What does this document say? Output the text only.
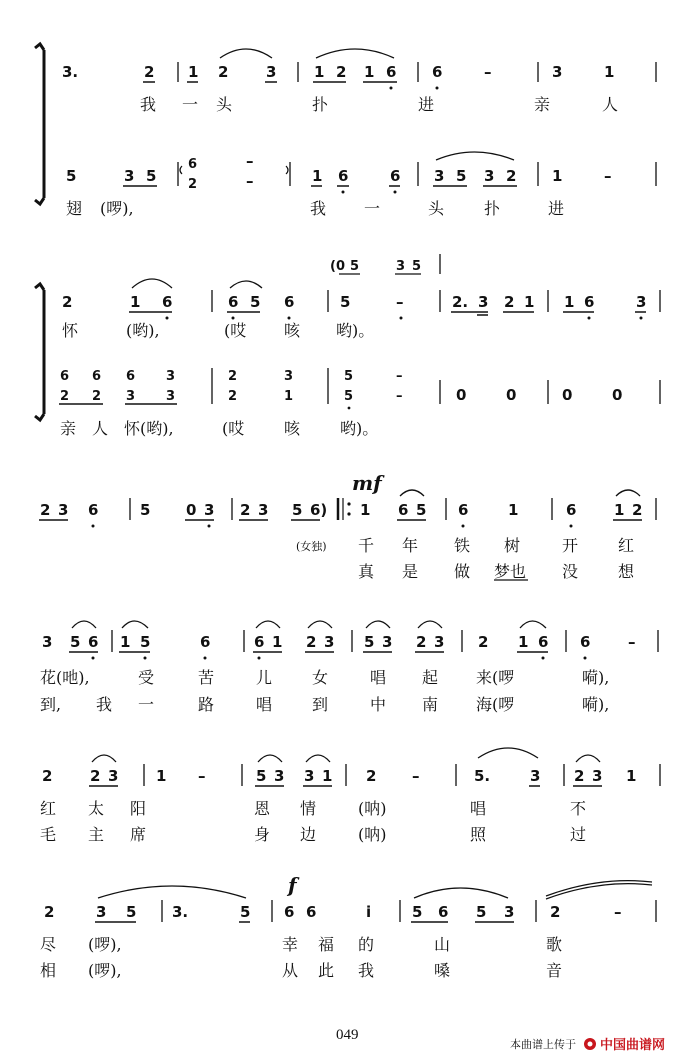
3.	2 1 2	3	1 2 1 6 6	–	3	1
我 一 头	扑	进	亲	人
5	3 5
6
2
–
–	1 6	6 3 5 3 2 1	–
翅 (啰),	我 一	头 扑	进
(0 5	3 5
2	1 6	6 5 6	5	–	2. 3 2 1 1 6	3
怀	(哟),	(哎 咳 哟)。
6 6 6 3	2	3	5	–
2 2 3 3	2	1	5	–	0	0	0	0
亲 人 怀(哟),	(哎 咳 哟)。
mf
2 3 6	5 0 3 2 3 5 6) 1 6 5 6	1	6	1 2
(女独) 千 年 铁 树	开 红
真 是 做 梦也 没 想
3 5 6 1 5	6	6 1 2 3 5 3 2 3 2 1 6 6	–
花(吔),	受	苦	儿 女	唱 起 来(啰	嗬),
到, 我 一	路	唱 到	中 南 海(啰	嗬),
2	2 3	1 –	5 3 3 1 2 –	5.	3 2 3 1
红 太 阳	恩 情	(呐)	唱	不
毛 主 席	身 边	(呐)	照	过
f
2	3 5 3.	5 6 6	i	5 6 5 3 2	–
尽 (啰),	幸 福 的	山	歌
相 (啰),	从 此 我	嗓	音
049
本曲谱上传于 中国曲谱网
